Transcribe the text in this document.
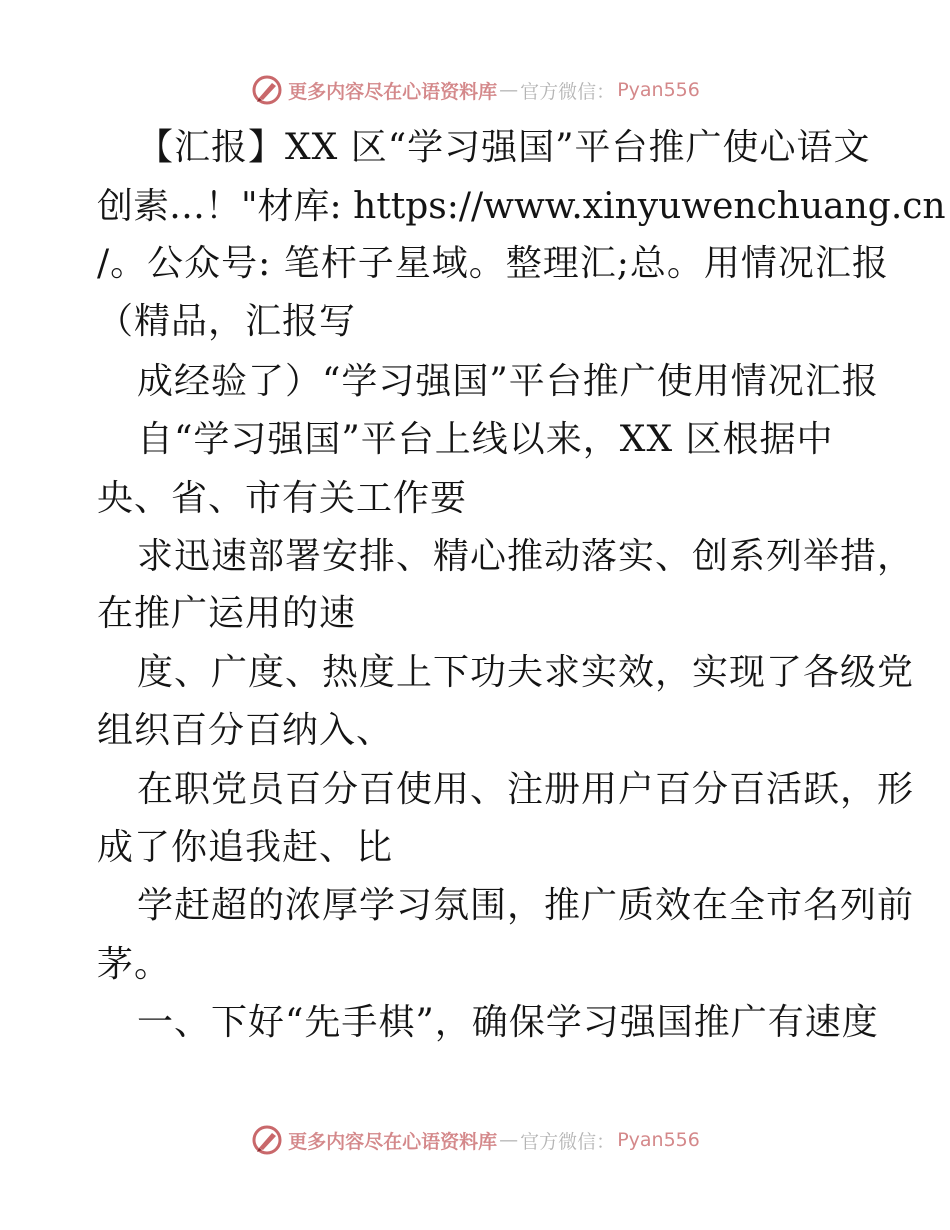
更多内容尽在心语资料库 — 官方微信： Pyan556
【汇报】XX 区“学习强国”平台推广使心语文
创素…！"材库: https://www.xinyuwenchuang.cn
/。公众号: 笔杆子星域。整理汇;总。用情况汇报
（精品，汇报写
成经验了）“学习强国”平台推广使用情况汇报
自“学习强国”平台上线以来，XX 区根据中
央、省、市有关工作要
求迅速部署安排、精心推动落实、创系列举措，
在推广运用的速
度、广度、热度上下功夫求实效，实现了各级党
组织百分百纳入、
在职党员百分百使用、注册用户百分百活跃，形
成了你追我赶、比
学赶超的浓厚学习氛围，推广质效在全市名列前
茅。
一、下好“先手棋”，确保学习强国推广有速度
更多内容尽在心语资料库 — 官方微信： Pyan556
